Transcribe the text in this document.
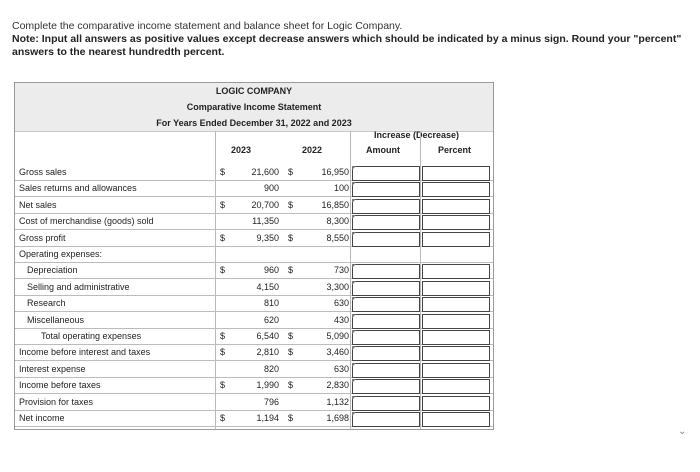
Complete the comparative income statement and balance sheet for Logic Company.
Note: Input all answers as positive values except decrease answers which should be indicated by a minus sign. Round your "percent" answers to the nearest hundredth percent.
LOGIC COMPANY
Comparative Income Statement
For Years Ended December 31, 2022 and 2023
Increase (Decrease)
2023	2022	Amount	Percent
Gross sales	$	21,600 $	16,950
Sales returns and allowances	900	100
Net sales	$	20,700 $	16,850
Cost of merchandise (goods) sold	11,350	8,300
Gross profit	$	9,350 $	8,550
Operating expenses:
Depreciation	$	960 $	730
Selling and administrative	4,150	3,300
Research	810	630
Miscellaneous	620	430
Total operating expenses	$	6,540 $	5,090
Income before interest and taxes	$	2,810 $	3,460
Interest expense	820	630
Income before taxes	$	1,990 $	2,830
Provision for taxes	796	1,132
Net income	$	1,194 $	1,698
⌄
